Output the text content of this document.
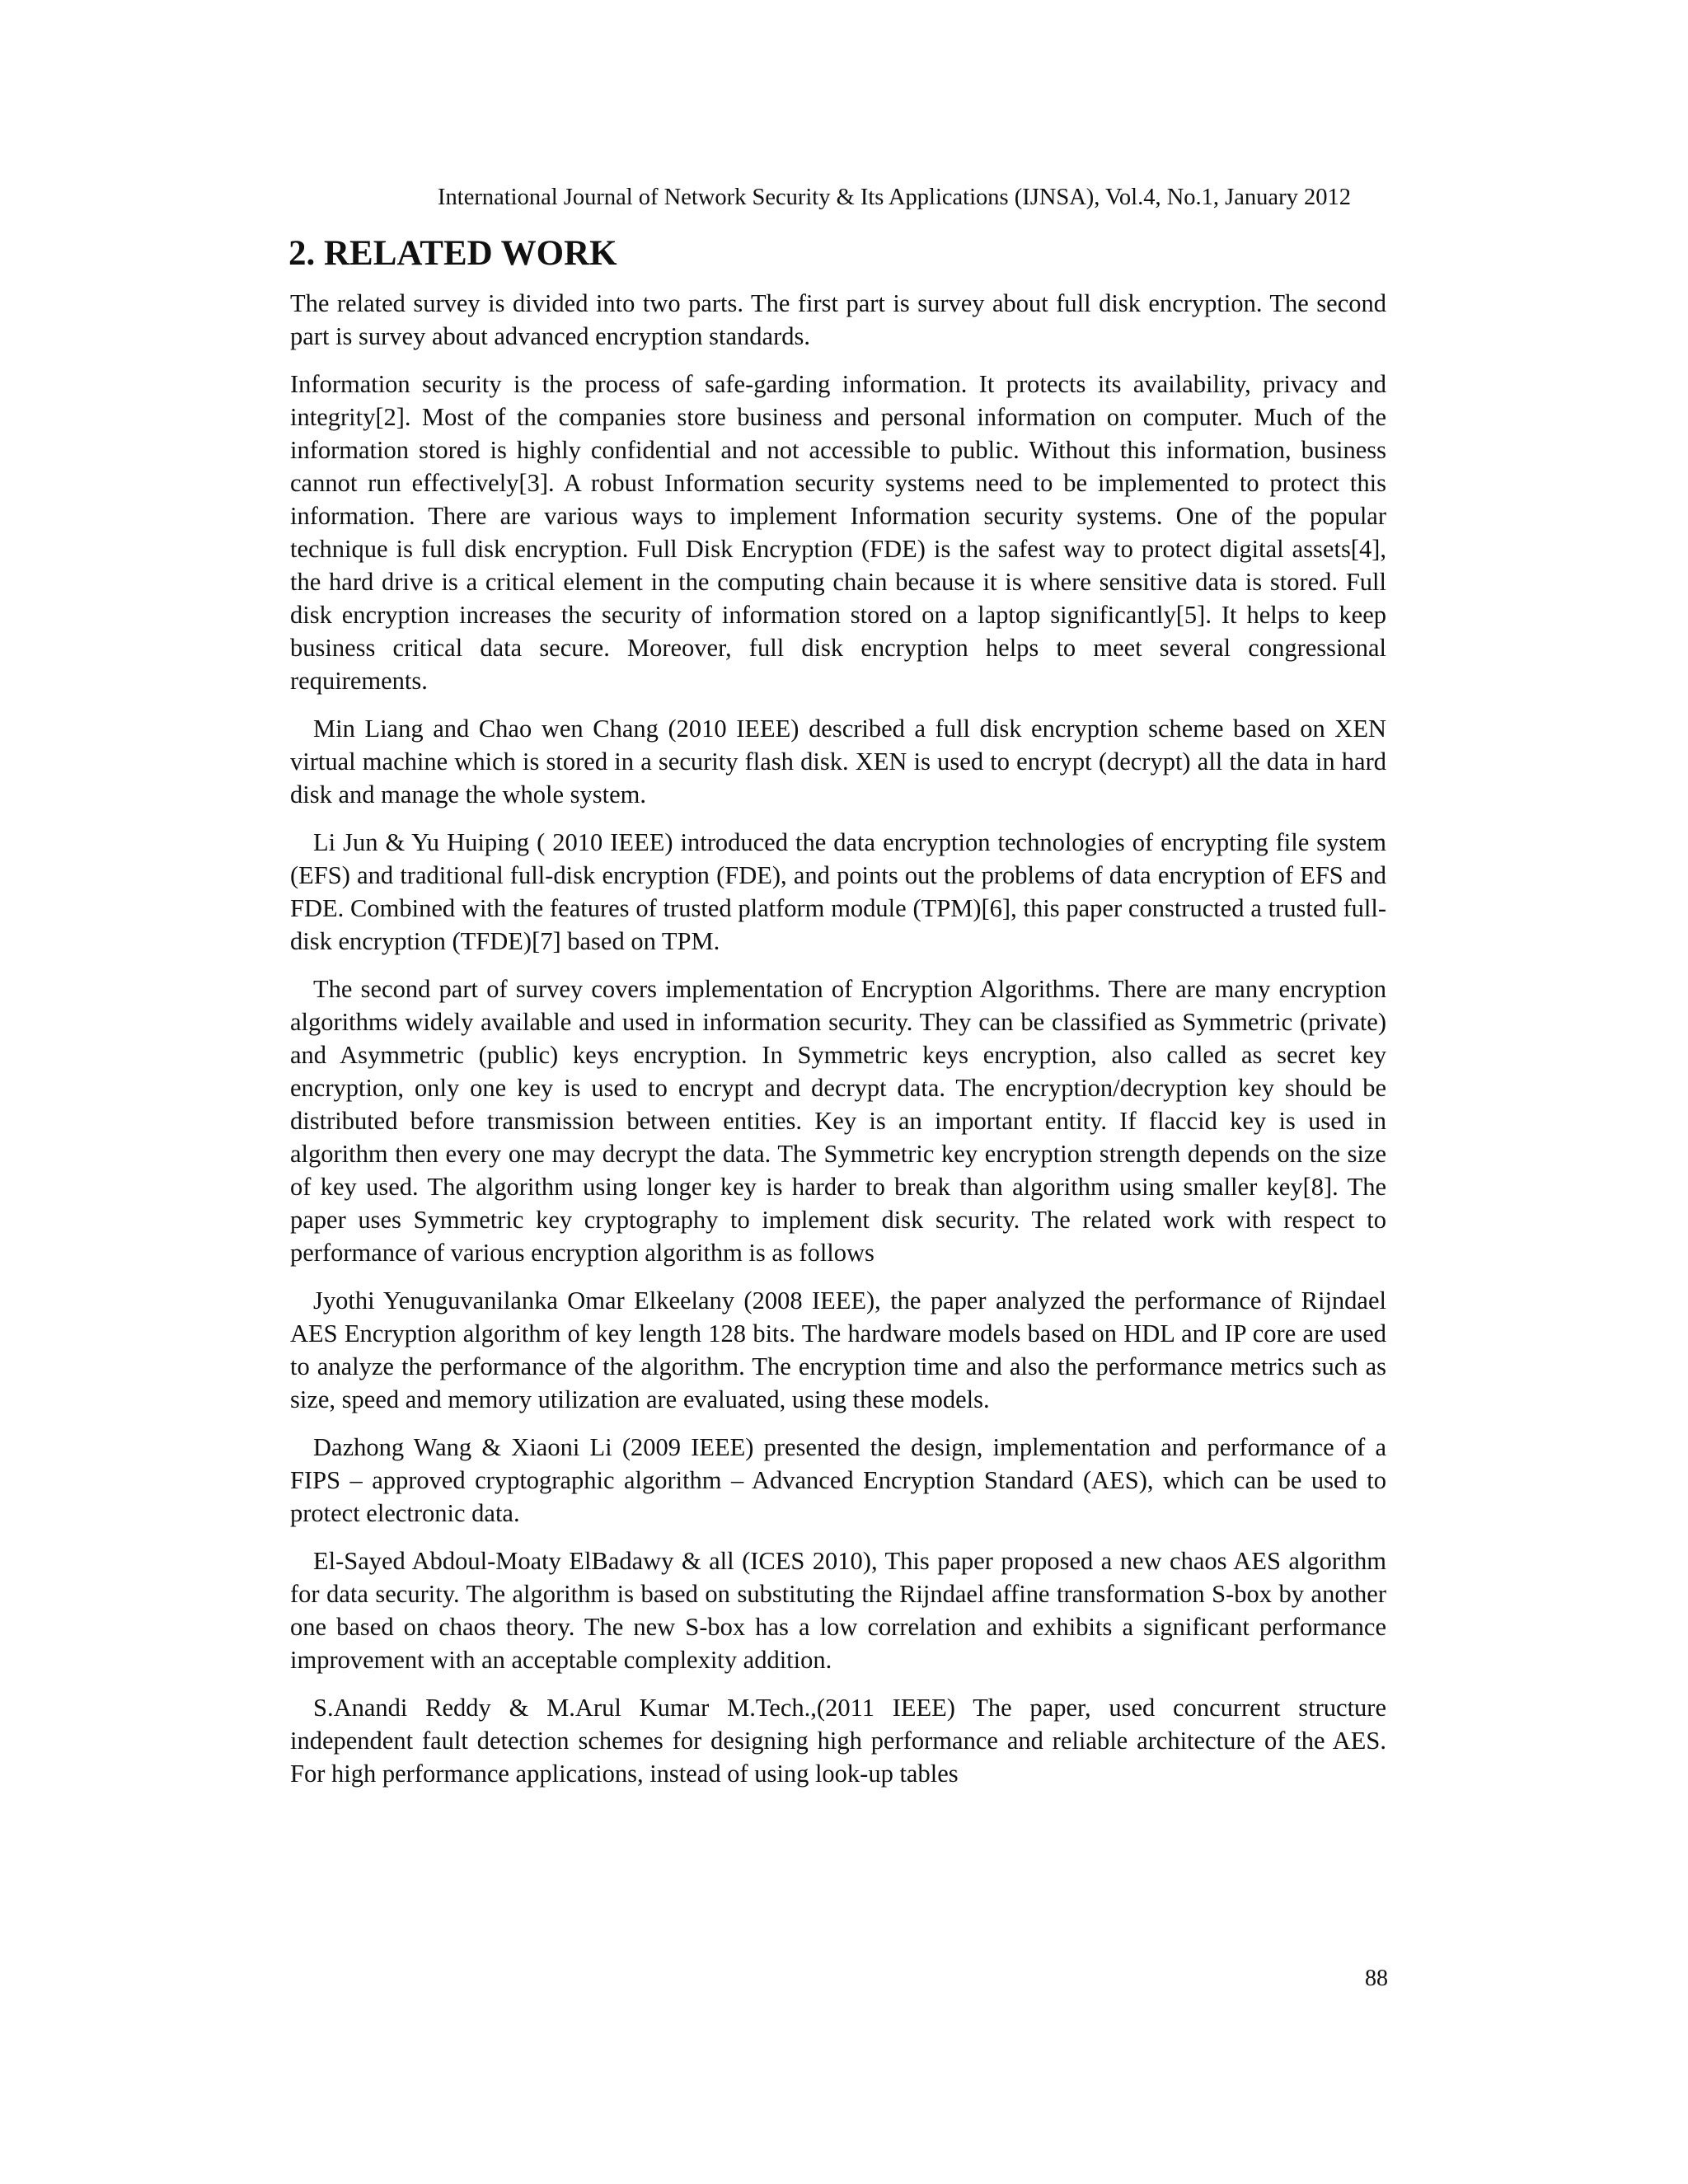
International Journal of Network Security & Its Applications (IJNSA), Vol.4, No.1, January 2012
2. RELATED WORK

The related survey is divided into two parts. The first part is survey about full disk encryption. The second part is survey about advanced encryption standards.

Information security is the process of safe-garding information. It protects its availability, privacy and integrity[2]. Most of the companies store business and personal information on computer. Much of the information stored is highly confidential and not accessible to public. Without this information, business cannot run effectively[3]. A robust Information security systems need to be implemented to protect this information. There are various ways to implement Information security systems. One of the popular technique is full disk encryption. Full Disk Encryption (FDE) is the safest way to protect digital assets[4], the hard drive is a critical element in the computing chain because it is where sensitive data is stored. Full disk encryption increases the security of information stored on a laptop significantly[5]. It helps to keep business critical data secure. Moreover, full disk encryption helps to meet several congressional requirements.

Min Liang and Chao wen Chang (2010 IEEE) described a full disk encryption scheme based on XEN virtual machine which is stored in a security flash disk. XEN is used to encrypt (decrypt) all the data in hard disk and manage the whole system.

Li Jun & Yu Huiping ( 2010 IEEE) introduced the data encryption technologies of encrypting file system (EFS) and traditional full-disk encryption (FDE), and points out the problems of data encryption of EFS and FDE. Combined with the features of trusted platform module (TPM)[6], this paper constructed a trusted full-disk encryption (TFDE)[7] based on TPM.

The second part of survey covers implementation of Encryption Algorithms. There are many encryption algorithms widely available and used in information security. They can be classified as Symmetric (private) and Asymmetric (public) keys encryption. In Symmetric keys encryption, also called as secret key encryption, only one key is used to encrypt and decrypt data. The encryption/decryption key should be distributed before transmission between entities. Key is an important entity. If flaccid key is used in algorithm then every one may decrypt the data. The Symmetric key encryption strength depends on the size of key used. The algorithm using longer key is harder to break than algorithm using smaller key[8]. The paper uses Symmetric key cryptography to implement disk security. The related work with respect to performance of various encryption algorithm is as follows

Jyothi Yenuguvanilanka Omar Elkeelany (2008 IEEE), the paper analyzed the performance of Rijndael AES Encryption algorithm of key length 128 bits. The hardware models based on HDL and IP core are used to analyze the performance of the algorithm. The encryption time and also the performance metrics such as size, speed and memory utilization are evaluated, using these models.

Dazhong Wang & Xiaoni Li (2009 IEEE) presented the design, implementation and performance of a FIPS – approved cryptographic algorithm – Advanced Encryption Standard (AES), which can be used to protect electronic data.

El-Sayed Abdoul-Moaty ElBadawy & all (ICES 2010), This paper proposed a new chaos AES algorithm for data security. The algorithm is based on substituting the Rijndael affine transformation S-box by another one based on chaos theory. The new S-box has a low correlation and exhibits a significant performance improvement with an acceptable complexity addition.

S.Anandi Reddy & M.Arul Kumar M.Tech.,(2011 IEEE) The paper, used concurrent structure independent fault detection schemes for designing high performance and reliable architecture of the AES. For high performance applications, instead of using look-up tables

88
